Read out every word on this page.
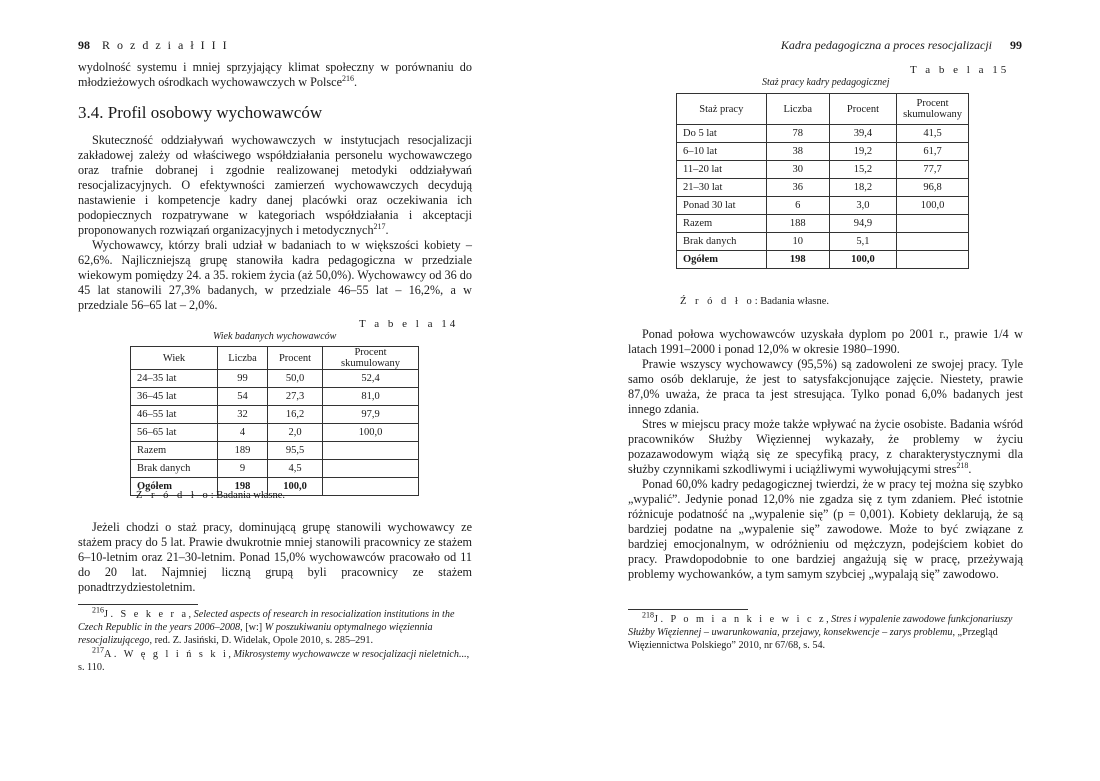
98 R o z d z i a ł I I I

wydolność systemu i mniej sprzyjający klimat społeczny w porównaniu do młodzieżowych ośrodkach wychowawczych w Polsce$^{216}$.

3.4. Profil osobowy wychowawców

Skuteczność oddziaływań wychowawczych w instytucjach resocjalizacji zakładowej zależy od właściwego współdziałania personelu wychowawczego oraz trafnie dobranej i zgodnie realizowanej metodyki oddziaływań resocjalizacyjnych. O efektywności zamierzeń wychowawczych decydują nastawienie i kompetencje kadry danej placówki oraz oczekiwania ich podopiecznych rozpatrywane w kategoriach współdziałania i akceptacji proponowanych rozwiązań organizacyjnych i metodycznych$^{217}$.

Wychowawcy, którzy brali udział w badaniach to w większości kobiety – 62,6%. Najliczniejszą grupę stanowiła kadra pedagogiczna w przedziale wiekowym pomiędzy 24. a 35. rokiem życia (aż 50,0%). Wychowawcy od 36 do 45 lat stanowili 27,3% badanych, w przedziale 46–55 lat – 16,2%, a w przedziale 56–65 lat – 2,0%.

T a b e l a 14
Wiek badanych wychowawców
Wiek	Liczba	Procent	Procent skumulowany
24–35 lat	99	50,0	52,4
36–45 lat	54	27,3	81,0
46–55 lat	32	16,2	97,9
56–65 lat	4	2,0	100,0
Razem	189	95,5	
Brak danych	9	4,5	
Ogółem	198	100,0	
Ź r ó d ł o: Badania własne.

Jeżeli chodzi o staż pracy, dominującą grupę stanowili wychowawcy ze stażem pracy do 5 lat. Prawie dwukrotnie mniej stanowili pracownicy ze stażem 6–10-letnim oraz 21–30-letnim. Ponad 15,0% wychowawców pracowało od 11 do 20 lat. Najmniej liczną grupą byli pracownicy ze stażem ponadtrzydziestoletnim.

$^{216}$J. S e k e r a, Selected aspects of research in resocialization institutions in the Czech Republic in the years 2006–2008, [w:] W poszukiwaniu optymalnego więziennia resocjalizującego, red. Z. Jasiński, D. Widelak, Opole 2010, s. 285–291.

$^{217}$A. W ę g l i ń s k i, Mikrosystemy wychowawcze w resocjalizacji nieletnich..., s. 110.

Kadra pedagogiczna a proces resocjalizacji 99
T a b e l a 15
Staż pracy kadry pedagogicznej
Staż pracy	Liczba	Procent	Procent skumulowany
Do 5 lat	78	39,4	41,5
6–10 lat	38	19,2	61,7
11–20 lat	30	15,2	77,7
21–30 lat	36	18,2	96,8
Ponad 30 lat	6	3,0	100,0
Razem	188	94,9	
Brak danych	10	5,1	
Ogółem	198	100,0	
Ź r ó d ł o: Badania własne.

Ponad połowa wychowawców uzyskała dyplom po 2001 r., prawie 1/4 w latach 1991–2000 i ponad 12,0% w okresie 1980–1990.

Prawie wszyscy wychowawcy (95,5%) są zadowoleni ze swojej pracy. Tyle samo osób deklaruje, że jest to satysfakcjonujące zajęcie. Niestety, prawie 87,0% uważa, że praca ta jest stresująca. Tylko ponad 6,0% badanych jest innego zdania.

Stres w miejscu pracy może także wpływać na życie osobiste. Badania wśród pracowników Służby Więziennej wykazały, że problemy w życiu pozazawodowym wiążą się ze specyfiką pracy, z charakterystycznymi dla służby czynnikami szkodliwymi i uciążliwymi wywołującymi stres$^{218}$.

Ponad 60,0% kadry pedagogicznej twierdzi, że w pracy tej można się szybko „wypalić”. Jedynie ponad 12,0% nie zgadza się z tym zdaniem. Płeć istotnie różnicuje podatność na „wypalenie się” (p = 0,001). Kobiety deklarują, że są bardziej podatne na „wypalenie się” zawodowe. Może to być związane z bardziej emocjonalnym, w odróżnieniu od mężczyzn, podejściem kobiet do pracy. Prawdopodobnie to one bardziej angażują się w pracę, przeżywają problemy wychowanków, a tym samym szybciej „wypalają się” zawodowo.

$^{218}$J. P o m i a n k i e w i c z, Stres i wypalenie zawodowe funkcjonariuszy Służby Więziennej – uwarunkowania, przejawy, konsekwencje – zarys problemu, „Przegląd Więziennictwa Polskiego” 2010, nr 67/68, s. 54.
